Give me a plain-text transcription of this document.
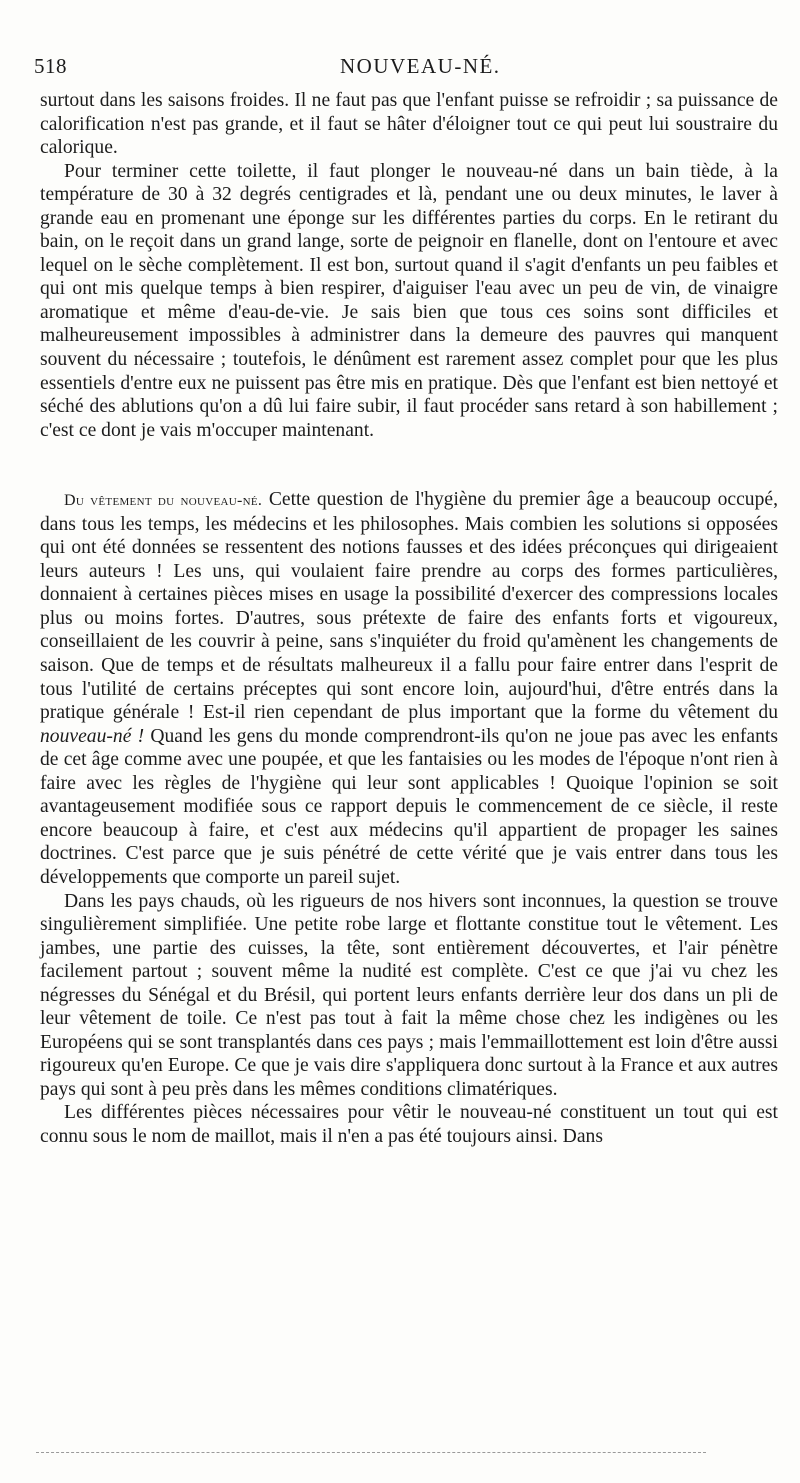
518	NOUVEAU-NÉ.

surtout dans les saisons froides. Il ne faut pas que l'enfant puisse se refroidir ; sa puissance de calorification n'est pas grande, et il faut se hâter d'éloigner tout ce qui peut lui soustraire du calorique.

Pour terminer cette toilette, il faut plonger le nouveau-né dans un bain tiède, à la température de 30 à 32 degrés centigrades et là, pendant une ou deux minutes, le laver à grande eau en promenant une éponge sur les différentes parties du corps. En le retirant du bain, on le reçoit dans un grand lange, sorte de peignoir en flanelle, dont on l'entoure et avec lequel on le sèche complètement. Il est bon, surtout quand il s'agit d'enfants un peu faibles et qui ont mis quelque temps à bien respirer, d'aiguiser l'eau avec un peu de vin, de vinaigre aromatique et même d'eau-de-vie. Je sais bien que tous ces soins sont difficiles et malheureusement impossibles à administrer dans la demeure des pauvres qui manquent souvent du nécessaire ; toutefois, le dénûment est rarement assez complet pour que les plus essentiels d'entre eux ne puissent pas être mis en pratique. Dès que l'enfant est bien nettoyé et séché des ablutions qu'on a dû lui faire subir, il faut procéder sans retard à son habillement ; c'est ce dont je vais m'occuper maintenant.

Du vêtement du nouveau-né. Cette question de l'hygiène du premier âge a beaucoup occupé, dans tous les temps, les médecins et les philosophes. Mais combien les solutions si opposées qui ont été données se ressentent des notions fausses et des idées préconçues qui dirigeaient leurs auteurs ! Les uns, qui voulaient faire prendre au corps des formes particulières, donnaient à certaines pièces mises en usage la possibilité d'exercer des compressions locales plus ou moins fortes. D'autres, sous prétexte de faire des enfants forts et vigoureux, conseillaient de les couvrir à peine, sans s'inquiéter du froid qu'amènent les changements de saison. Que de temps et de résultats malheureux il a fallu pour faire entrer dans l'esprit de tous l'utilité de certains préceptes qui sont encore loin, aujourd'hui, d'être entrés dans la pratique générale ! Est-il rien cependant de plus important que la forme du vêtement du nouveau-né ! Quand les gens du monde comprendront-ils qu'on ne joue pas avec les enfants de cet âge comme avec une poupée, et que les fantaisies ou les modes de l'époque n'ont rien à faire avec les règles de l'hygiène qui leur sont applicables ! Quoique l'opinion se soit avantageusement modifiée sous ce rapport depuis le commencement de ce siècle, il reste encore beaucoup à faire, et c'est aux médecins qu'il appartient de propager les saines doctrines. C'est parce que je suis pénétré de cette vérité que je vais entrer dans tous les développements que comporte un pareil sujet.

Dans les pays chauds, où les rigueurs de nos hivers sont inconnues, la question se trouve singulièrement simplifiée. Une petite robe large et flottante constitue tout le vêtement. Les jambes, une partie des cuisses, la tête, sont entièrement découvertes, et l'air pénètre facilement partout ; souvent même la nudité est complète. C'est ce que j'ai vu chez les négresses du Sénégal et du Brésil, qui portent leurs enfants derrière leur dos dans un pli de leur vêtement de toile. Ce n'est pas tout à fait la même chose chez les indigènes ou les Européens qui se sont transplantés dans ces pays ; mais l'emmaillottement est loin d'être aussi rigoureux qu'en Europe. Ce que je vais dire s'appliquera donc surtout à la France et aux autres pays qui sont à peu près dans les mêmes conditions climatériques.

Les différentes pièces nécessaires pour vêtir le nouveau-né constituent un tout qui est connu sous le nom de maillot, mais il n'en a pas été toujours ainsi. Dans
